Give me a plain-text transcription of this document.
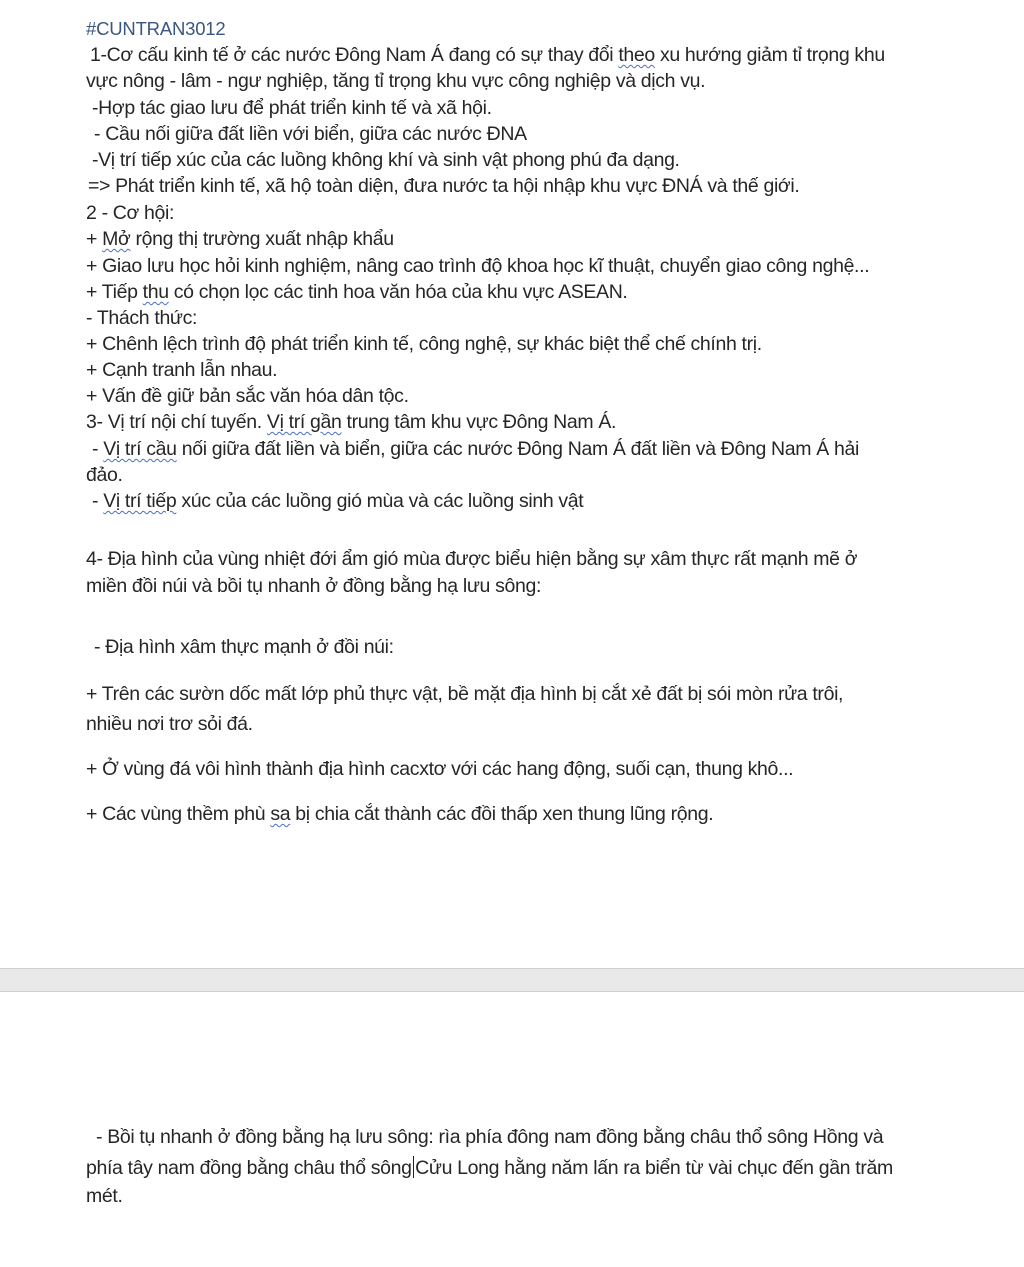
#CUNTRAN3012
1-Cơ cấu kinh tế ở các nước Đông Nam Á đang có sự thay đổi theo xu hướng giảm tỉ trọng khu
vực nông - lâm - ngư nghiệp, tăng tỉ trọng khu vực công nghiệp và dịch vụ.
-Hợp tác giao lưu để phát triển kinh tế và xã hội.
- Cầu nối giữa đất liền với biển, giữa các nước ĐNA
-Vị trí tiếp xúc của các luồng không khí và sinh vật phong phú đa dạng.
=> Phát triển kinh tế, xã hộ toàn diện, đưa nước ta hội nhập khu vực ĐNÁ và thế giới.
2 - Cơ hội:
+ Mở rộng thị trường xuất nhập khẩu
+ Giao lưu học hỏi kinh nghiệm, nâng cao trình độ khoa học kĩ thuật, chuyển giao công nghệ...
+ Tiếp thu có chọn lọc các tinh hoa văn hóa của khu vực ASEAN.
- Thách thức:
+ Chênh lệch trình độ phát triển kinh tế, công nghệ, sự khác biệt thể chế chính trị.
+ Cạnh tranh lẫn nhau.
+ Vấn đề giữ bản sắc văn hóa dân tộc.
3- Vị trí nội chí tuyến. Vị trí gần trung tâm khu vực Đông Nam Á.
- Vị trí cầu nối giữa đất liền và biển, giữa các nước Đông Nam Á đất liền và Đông Nam Á hải
đảo.
- Vị trí tiếp xúc của các luồng gió mùa và các luồng sinh vật
4- Địa hình của vùng nhiệt đới ẩm gió mùa được biểu hiện bằng sự xâm thực rất mạnh mẽ ở
miền đồi núi và bồi tụ nhanh ở đồng bằng hạ lưu sông:
- Địa hình xâm thực mạnh ở đồi núi:
+ Trên các sườn dốc mất lớp phủ thực vật, bề mặt địa hình bị cắt xẻ đất bị sói mòn rửa trôi,
nhiều nơi trơ sỏi đá.
+ Ở vùng đá vôi hình thành địa hình cacxtơ với các hang động, suối cạn, thung khô...
+ Các vùng thềm phù sa bị chia cắt thành các đồi thấp xen thung lũng rộng.
- Bồi tụ nhanh ở đồng bằng hạ lưu sông: rìa phía đông nam đồng bằng châu thổ sông Hồng và
phía tây nam đồng bằng châu thổ sông Cửu Long hằng năm lấn ra biển từ vài chục đến gần trăm
mét.
